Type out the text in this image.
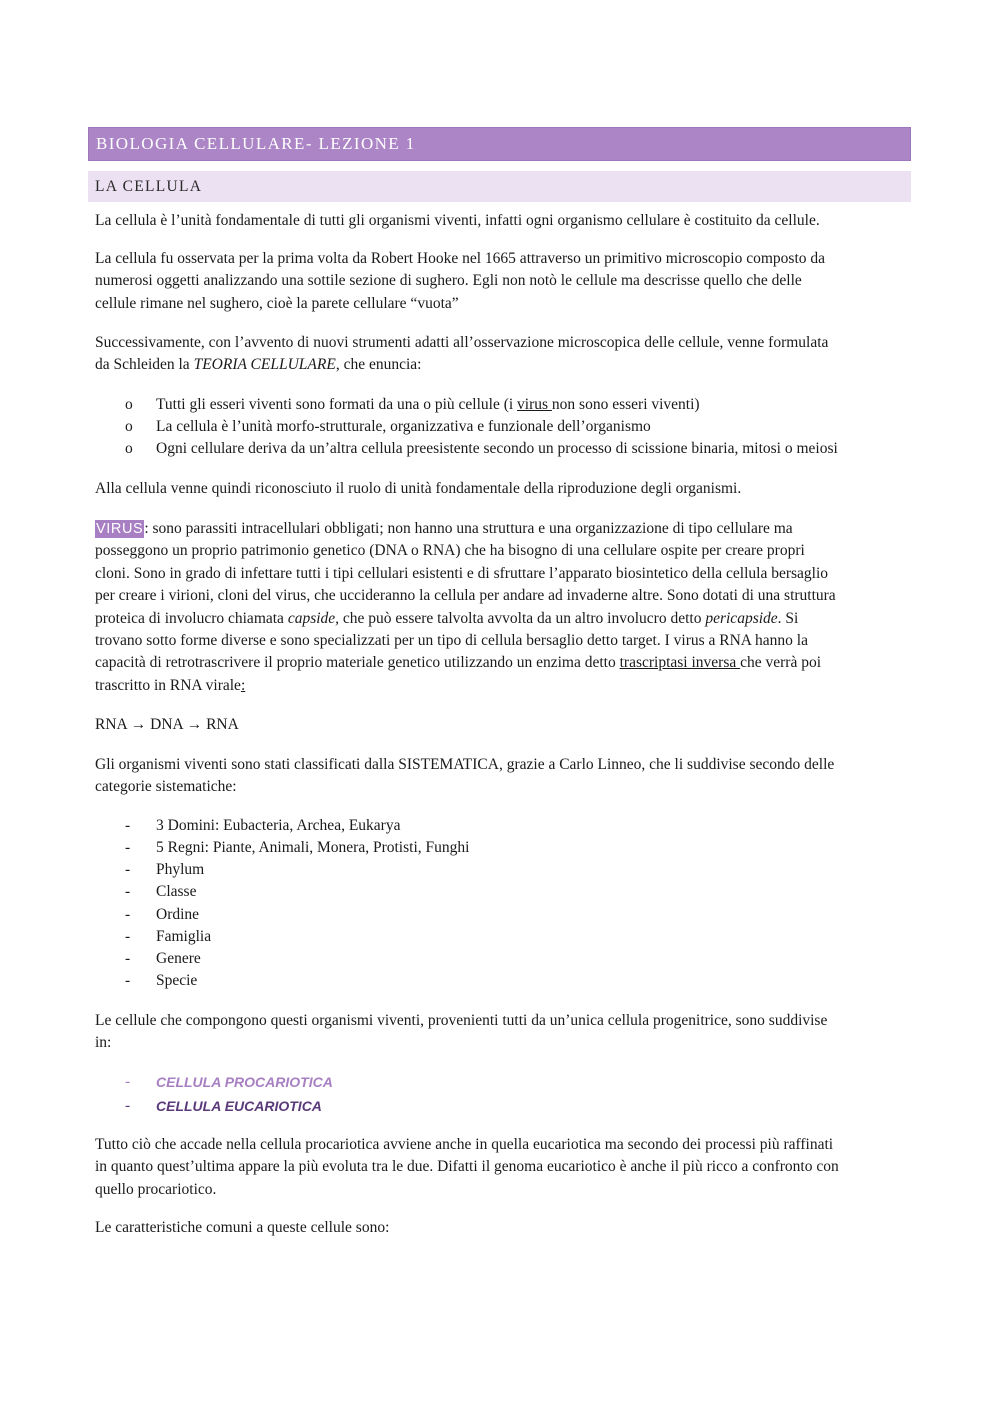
BIOLOGIA CELLULARE- LEZIONE 1
LA CELLULA
La cellula è l’unità fondamentale di tutti gli organismi viventi, infatti ogni organismo cellulare è costituito da cellule.
La cellula fu osservata per la prima volta da Robert Hooke nel 1665 attraverso un primitivo microscopio composto da
numerosi oggetti analizzando una sottile sezione di sughero. Egli non notò le cellule ma descrisse quello che delle
cellule rimane nel sughero, cioè la parete cellulare “vuota”
Successivamente, con l’avvento di nuovi strumenti adatti all’osservazione microscopica delle cellule, venne formulata
da Schleiden la TEORIA CELLULARE, che enuncia:
o Tutti gli esseri viventi sono formati da una o più cellule (i virus non sono esseri viventi)
o La cellula è l’unità morfo-strutturale, organizzativa e funzionale dell’organismo
o Ogni cellulare deriva da un’altra cellula preesistente secondo un processo di scissione binaria, mitosi o meiosi
Alla cellula venne quindi riconosciuto il ruolo di unità fondamentale della riproduzione degli organismi.
VIRUS: sono parassiti intracellulari obbligati; non hanno una struttura e una organizzazione di tipo cellulare ma
posseggono un proprio patrimonio genetico (DNA o RNA) che ha bisogno di una cellulare ospite per creare propri
cloni. Sono in grado di infettare tutti i tipi cellulari esistenti e di sfruttare l’apparato biosintetico della cellula bersaglio
per creare i virioni, cloni del virus, che uccideranno la cellula per andare ad invaderne altre. Sono dotati di una struttura
proteica di involucro chiamata capside, che può essere talvolta avvolta da un altro involucro detto pericapside. Si
trovano sotto forme diverse e sono specializzati per un tipo di cellula bersaglio detto target. I virus a RNA hanno la
capacità di retrotrascrivere il proprio materiale genetico utilizzando un enzima detto trascriptasi inversa che verrà poi
trascritto in RNA virale:
RNA → DNA → RNA
Gli organismi viventi sono stati classificati dalla SISTEMATICA, grazie a Carlo Linneo, che li suddivise secondo delle
categorie sistematiche:
- 3 Domini: Eubacteria, Archea, Eukarya
- 5 Regni: Piante, Animali, Monera, Protisti, Funghi
- Phylum
- Classe
- Ordine
- Famiglia
- Genere
- Specie
Le cellule che compongono questi organismi viventi, provenienti tutti da un’unica cellula progenitrice, sono suddivise
in:
- CELLULA PROCARIOTICA
- CELLULA EUCARIOTICA
Tutto ciò che accade nella cellula procariotica avviene anche in quella eucariotica ma secondo dei processi più raffinati
in quanto quest’ultima appare la più evoluta tra le due. Difatti il genoma eucariotico è anche il più ricco a confronto con
quello procariotico.
Le caratteristiche comuni a queste cellule sono:
